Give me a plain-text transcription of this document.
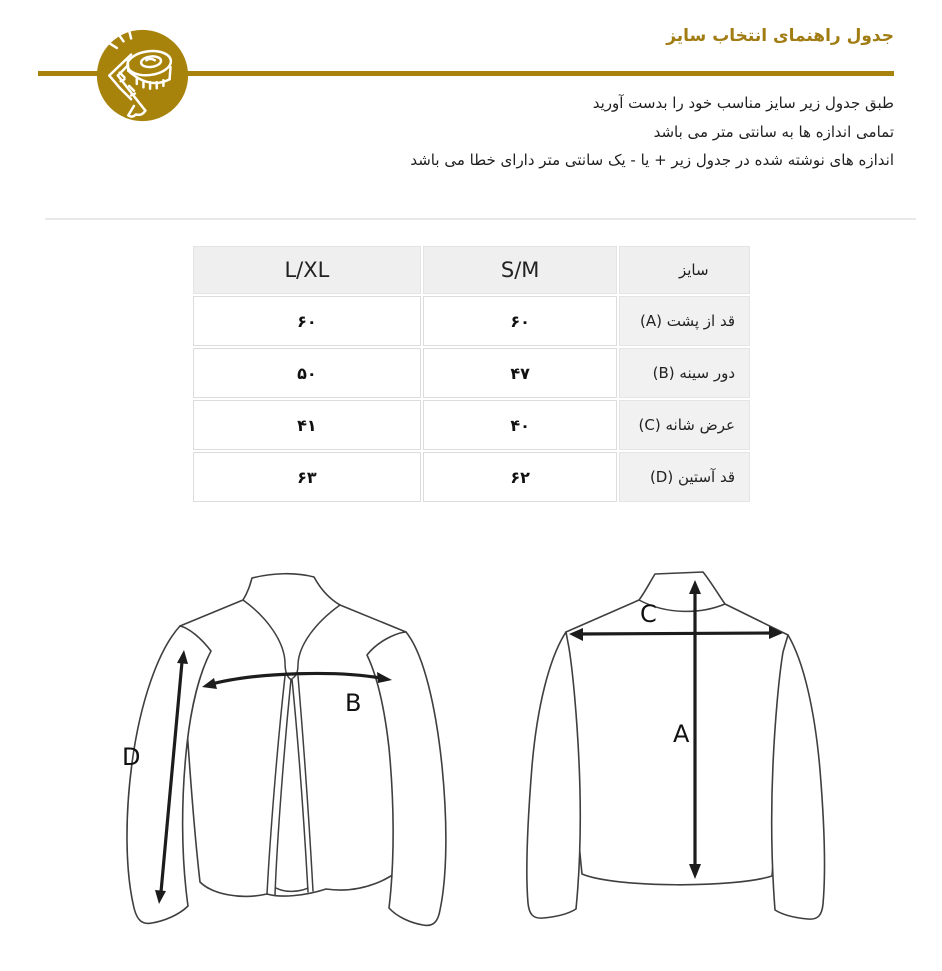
جدول راهنمای انتخاب سایز
طبق جدول زیر سایز مناسب خود را بدست آورید
تمامی اندازه ها به سانتی متر می باشد
اندازه های نوشته شده در جدول زیر + یا - یک سانتی متر دارای خطا می باشد
L/XL	S/M	سایز
۶۰	۶۰	قد از پشت (A)
۵۰	۴۷	دور سینه (B)
۴۱	۴۰	عرض شانه (C)
۶۳	۶۲	قد آستین (D)
B
D
C
A
